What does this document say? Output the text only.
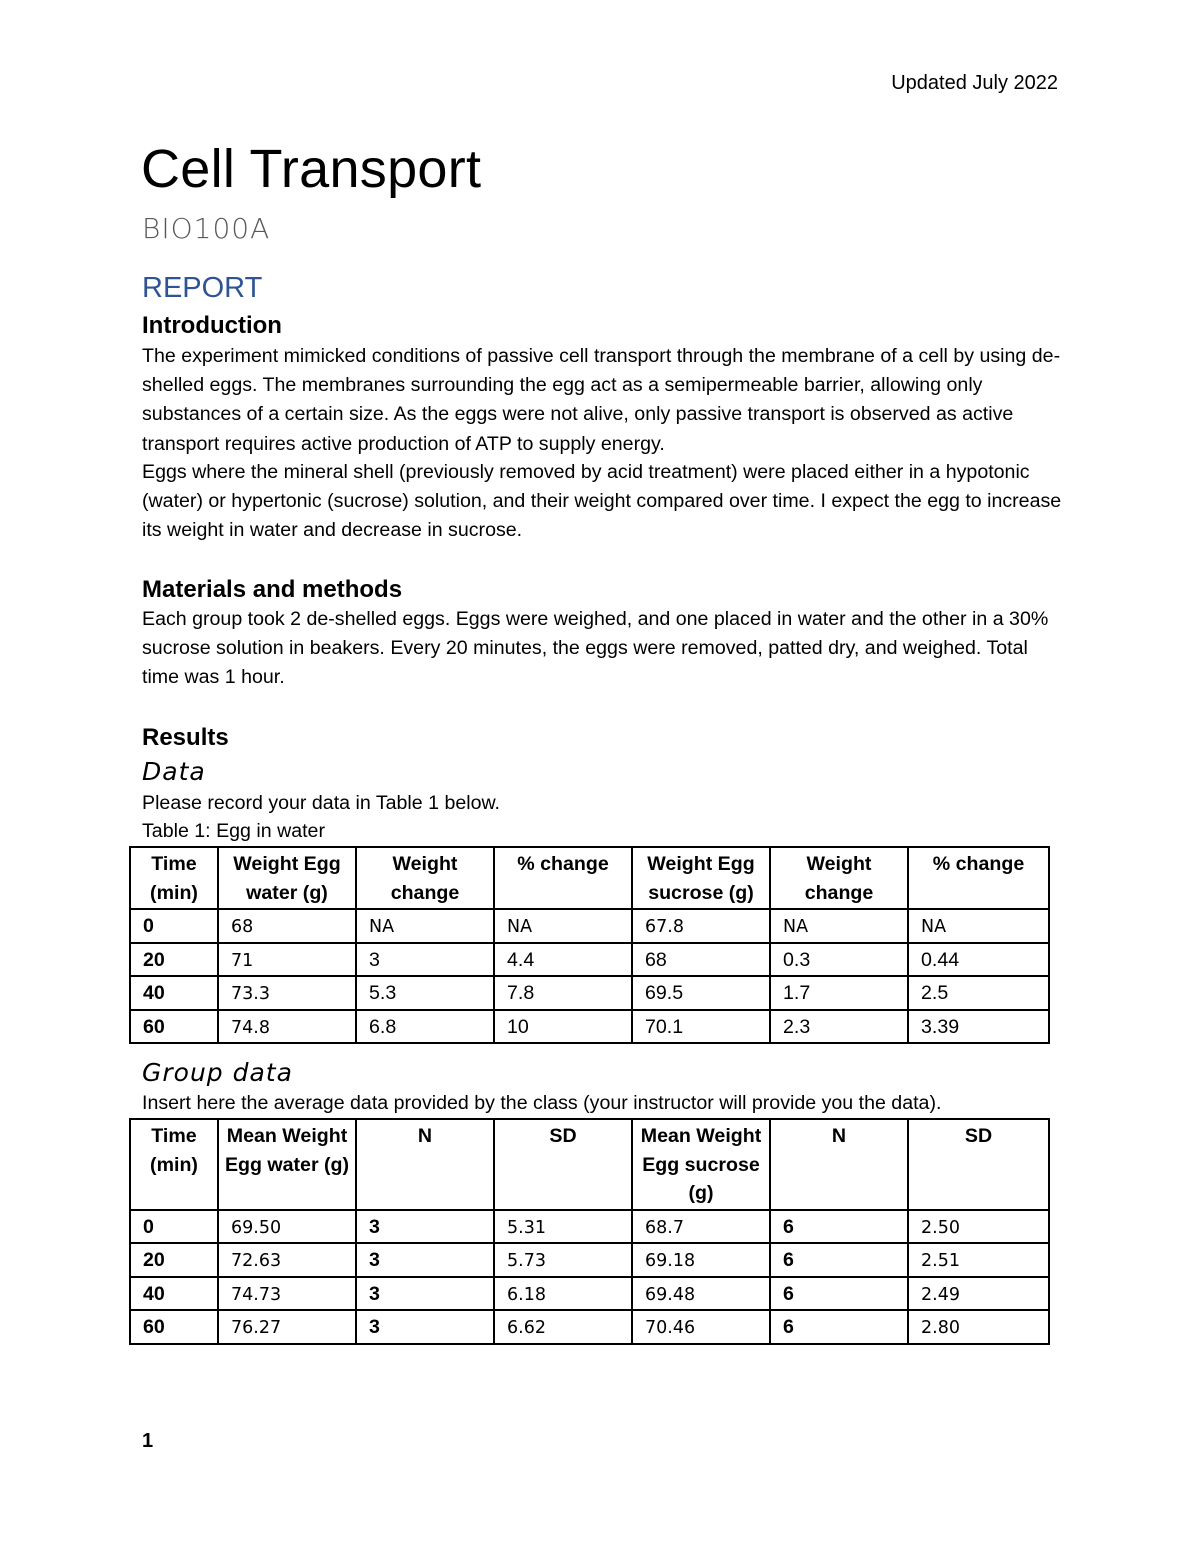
Updated July 2022
Cell Transport
BIO100A
REPORT
Introduction
The experiment mimicked conditions of passive cell transport through the membrane of a cell by using de-shelled eggs. The membranes surrounding the egg act as a semipermeable barrier, allowing only substances of a certain size. As the eggs were not alive, only passive transport is observed as active transport requires active production of ATP to supply energy.
Eggs where the mineral shell (previously removed by acid treatment) were placed either in a hypotonic (water) or hypertonic (sucrose) solution, and their weight compared over time. I expect the egg to increase its weight in water and decrease in sucrose.
Materials and methods
Each group took 2 de-shelled eggs. Eggs were weighed, and one placed in water and the other in a 30% sucrose solution in beakers. Every 20 minutes, the eggs were removed, patted dry, and weighed. Total time was 1 hour.
Results
Data
Please record your data in Table 1 below.
Table 1: Egg in water
Time (min)	Weight Egg water (g)	Weight change	% change	Weight Egg sucrose (g)	Weight change	% change
0	68	NA	NA	67.8	NA	NA
20	71	3	4.4	68	0.3	0.44
40	73.3	5.3	7.8	69.5	1.7	2.5
60	74.8	6.8	10	70.1	2.3	3.39
Group data
Insert here the average data provided by the class (your instructor will provide you the data).
Time (min)	Mean Weight Egg water (g)	N	SD	Mean Weight Egg sucrose (g)	N	SD
0	69.50	3	5.31	68.7	6	2.50
20	72.63	3	5.73	69.18	6	2.51
40	74.73	3	6.18	69.48	6	2.49
60	76.27	3	6.62	70.46	6	2.80
1
